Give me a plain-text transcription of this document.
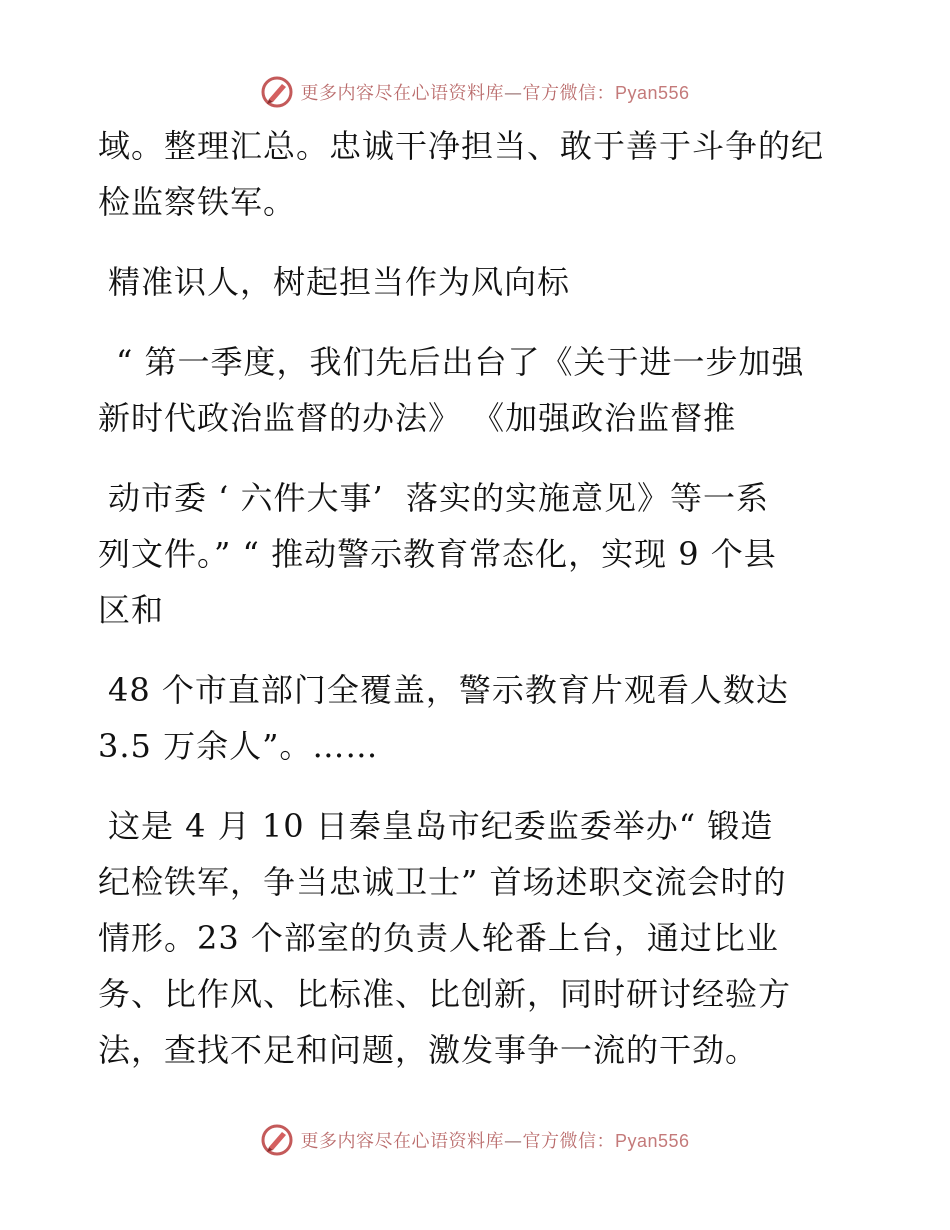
更多内容尽在心语资料库—官方微信：Pyan556

域。整理汇总。忠诚干净担当、敢于善于斗争的纪

检监察铁军。

精准识人，树起担当作为风向标

“ 第一季度，我们先后出台了《关于进一步加强

新时代政治监督的办法》 《加强政治监督推

动市委 ‘ 六件大事’  落实的实施意见》等一系

列文件。” “ 推动警示教育常态化，实现 9 个县

区和

48 个市直部门全覆盖，警示教育片观看人数达

3.5 万余人”。……

这是 4 月 10 日秦皇岛市纪委监委举办“ 锻造

纪检铁军，争当忠诚卫士” 首场述职交流会时的

情形。23 个部室的负责人轮番上台，通过比业

务、比作风、比标准、比创新，同时研讨经验方

法，查找不足和问题，激发事争一流的干劲。

更多内容尽在心语资料库—官方微信：Pyan556
